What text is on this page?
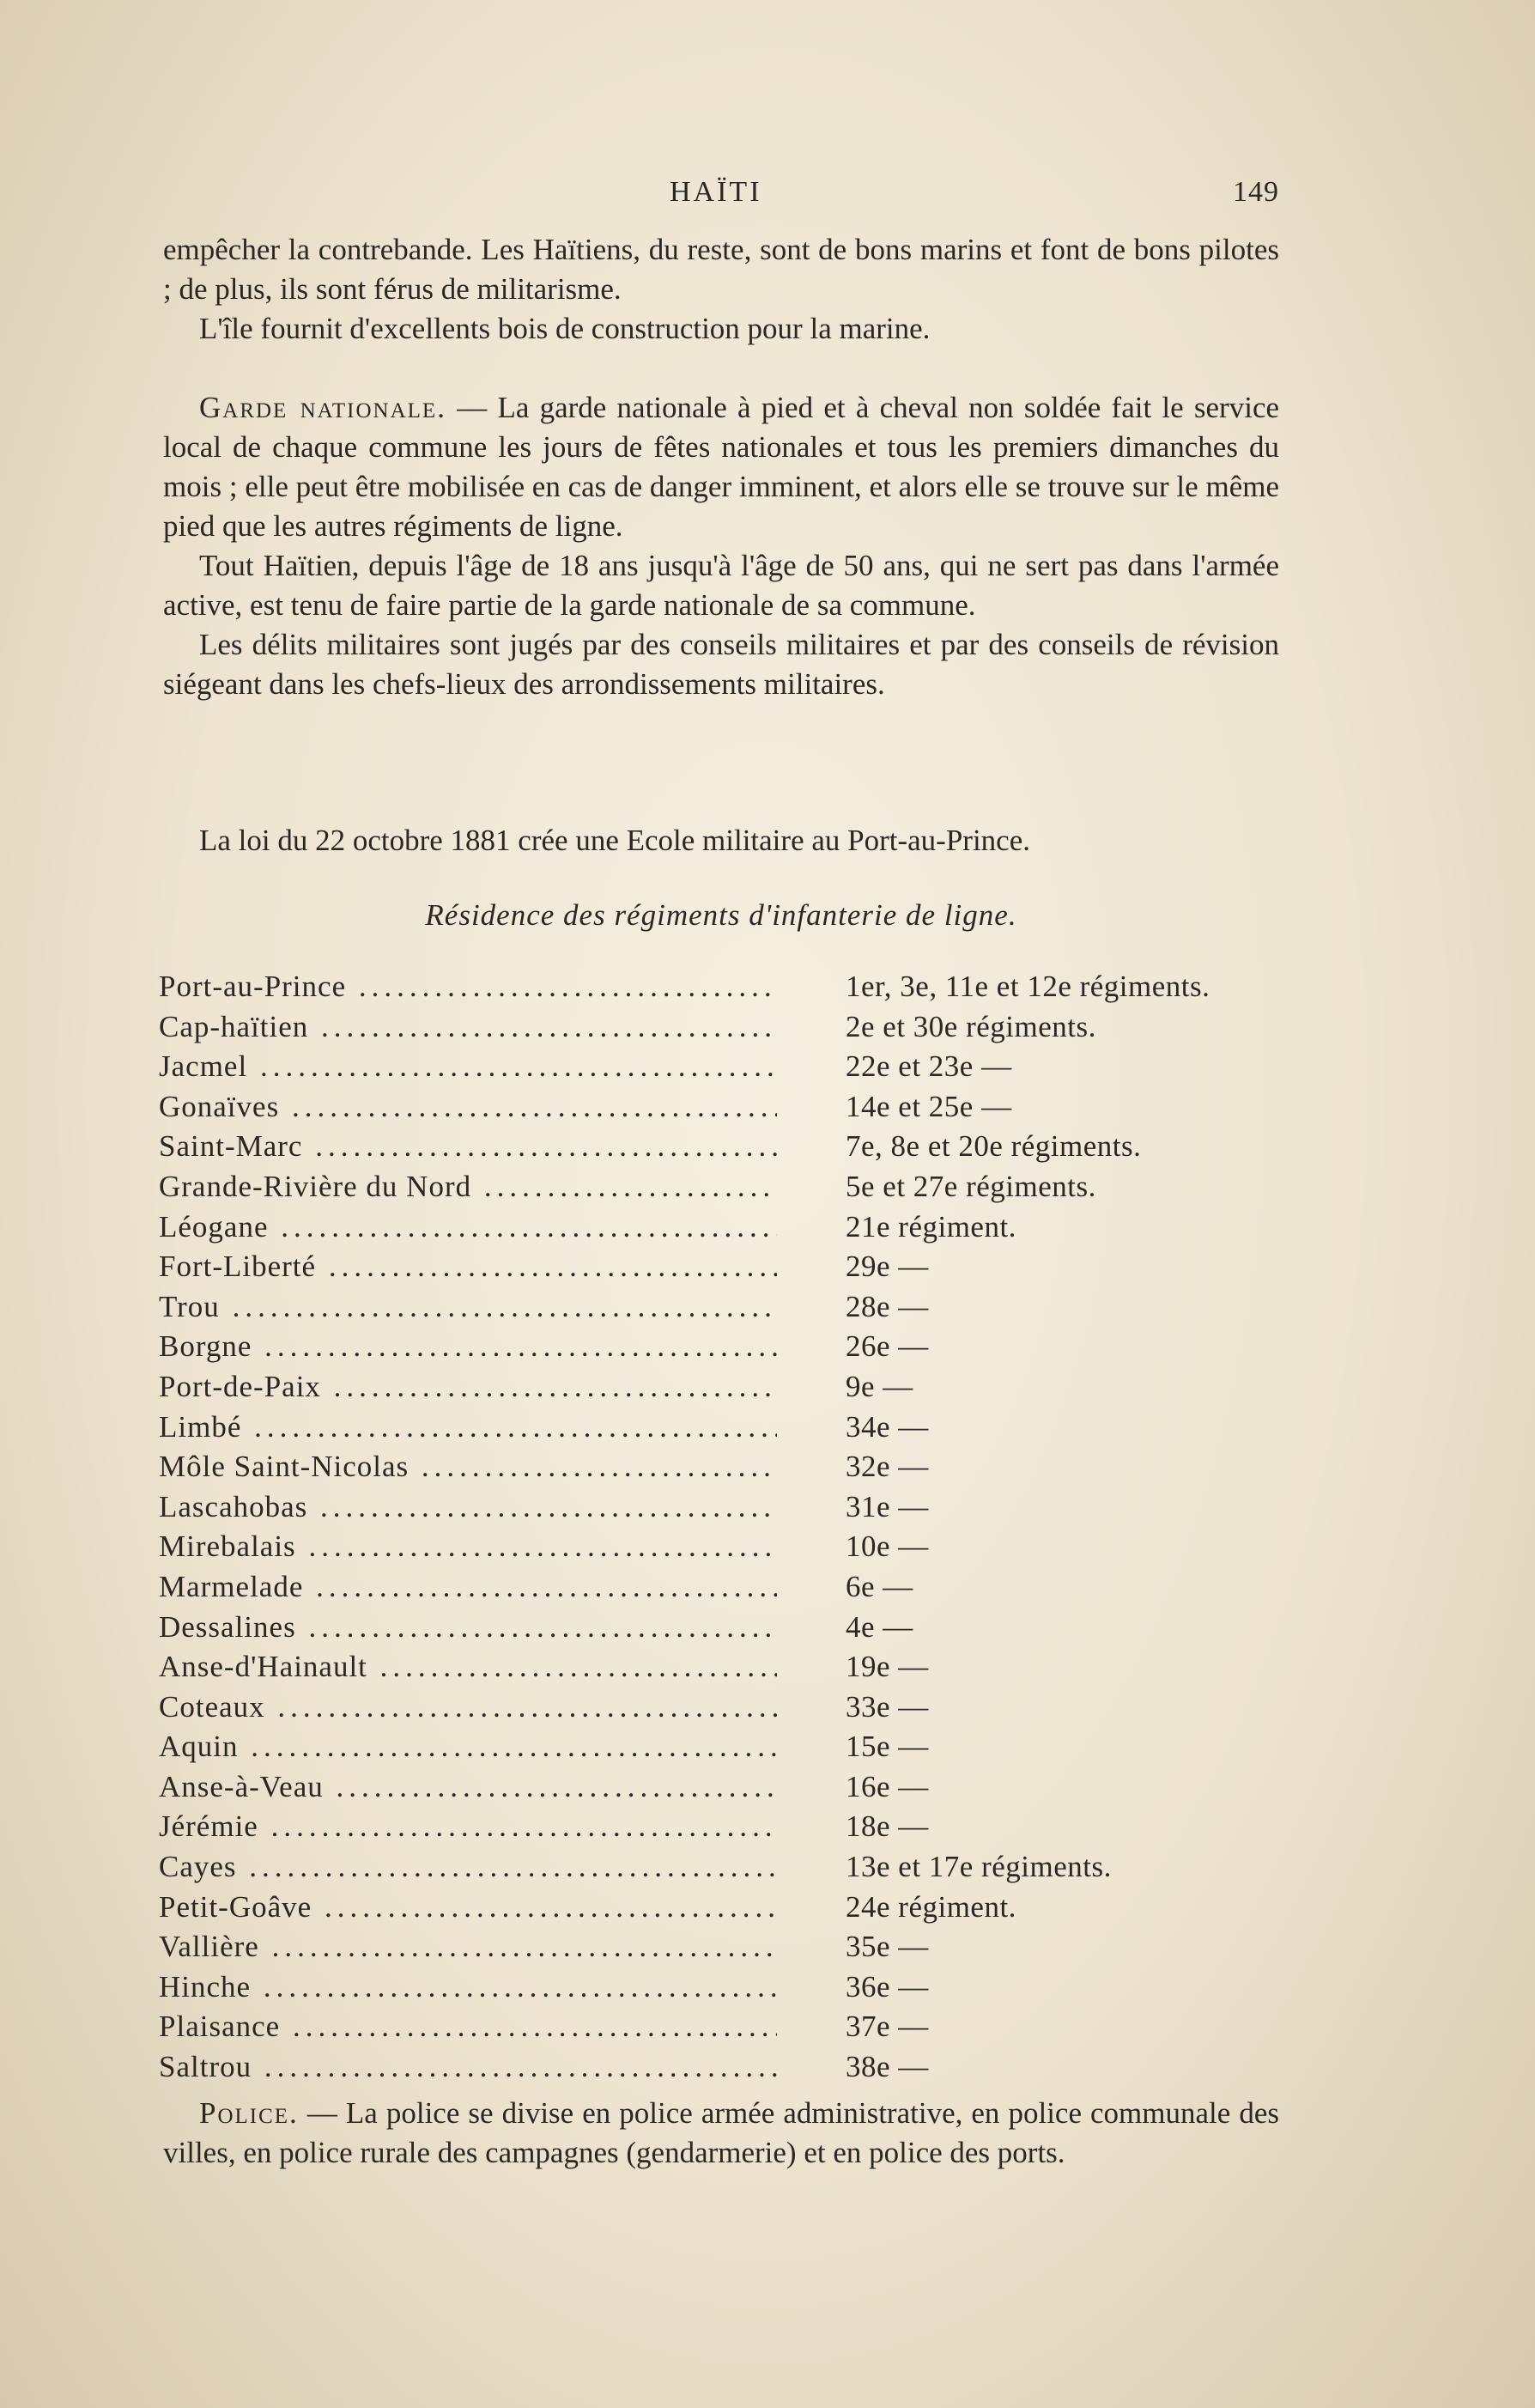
HAÏTI	149

empêcher la contrebande. Les Haïtiens, du reste, sont de bons marins et font de bons pilotes ; de plus, ils sont férus de militarisme.

L'île fournit d'excellents bois de construction pour la marine.

Garde nationale. — La garde nationale à pied et à cheval non soldée fait le service local de chaque commune les jours de fêtes nationales et tous les premiers dimanches du mois ; elle peut être mobilisée en cas de danger imminent, et alors elle se trouve sur le même pied que les autres régiments de ligne.

Tout Haïtien, depuis l'âge de 18 ans jusqu'à l'âge de 50 ans, qui ne sert pas dans l'armée active, est tenu de faire partie de la garde nationale de sa commune.

Les délits militaires sont jugés par des conseils militaires et par des conseils de révision siégeant dans les chefs-lieux des arrondissements militaires.

La loi du 22 octobre 1881 crée une Ecole militaire au Port-au-Prince.

Résidence des régiments d'infanterie de ligne.
Port-au-Prince .....	1er, 3e, 11e et 12e régiments.
Cap-haïtien .....	2e et 30e régiments.
Jacmel .....	22e et 23e —
Gonaïves .....	14e et 25e —
Saint-Marc .....	7e, 8e et 20e régiments.
Grande-Rivière du Nord .....	5e et 27e régiments.
Léogane .....	21e régiment.
Fort-Liberté .....	29e —
Trou .....	28e —
Borgne .....	26e —
Port-de-Paix .....	9e —
Limbé .....	34e —
Môle Saint-Nicolas .....	32e —
Lascahobas .....	31e —
Mirebalais .....	10e —
Marmelade .....	6e —
Dessalines .....	4e —
Anse-d'Hainault .....	19e —
Coteaux .....	33e —
Aquin .....	15e —
Anse-à-Veau .....	16e —
Jérémie .....	18e —
Cayes .....	13e et 17e régiments.
Petit-Goâve .....	24e régiment.
Vallière .....	35e —
Hinche .....	36e —
Plaisance .....	37e —
Saltrou .....	38e —

Police. — La police se divise en police armée administrative, en police communale des villes, en police rurale des campagnes (gendarmerie) et en police des ports.
